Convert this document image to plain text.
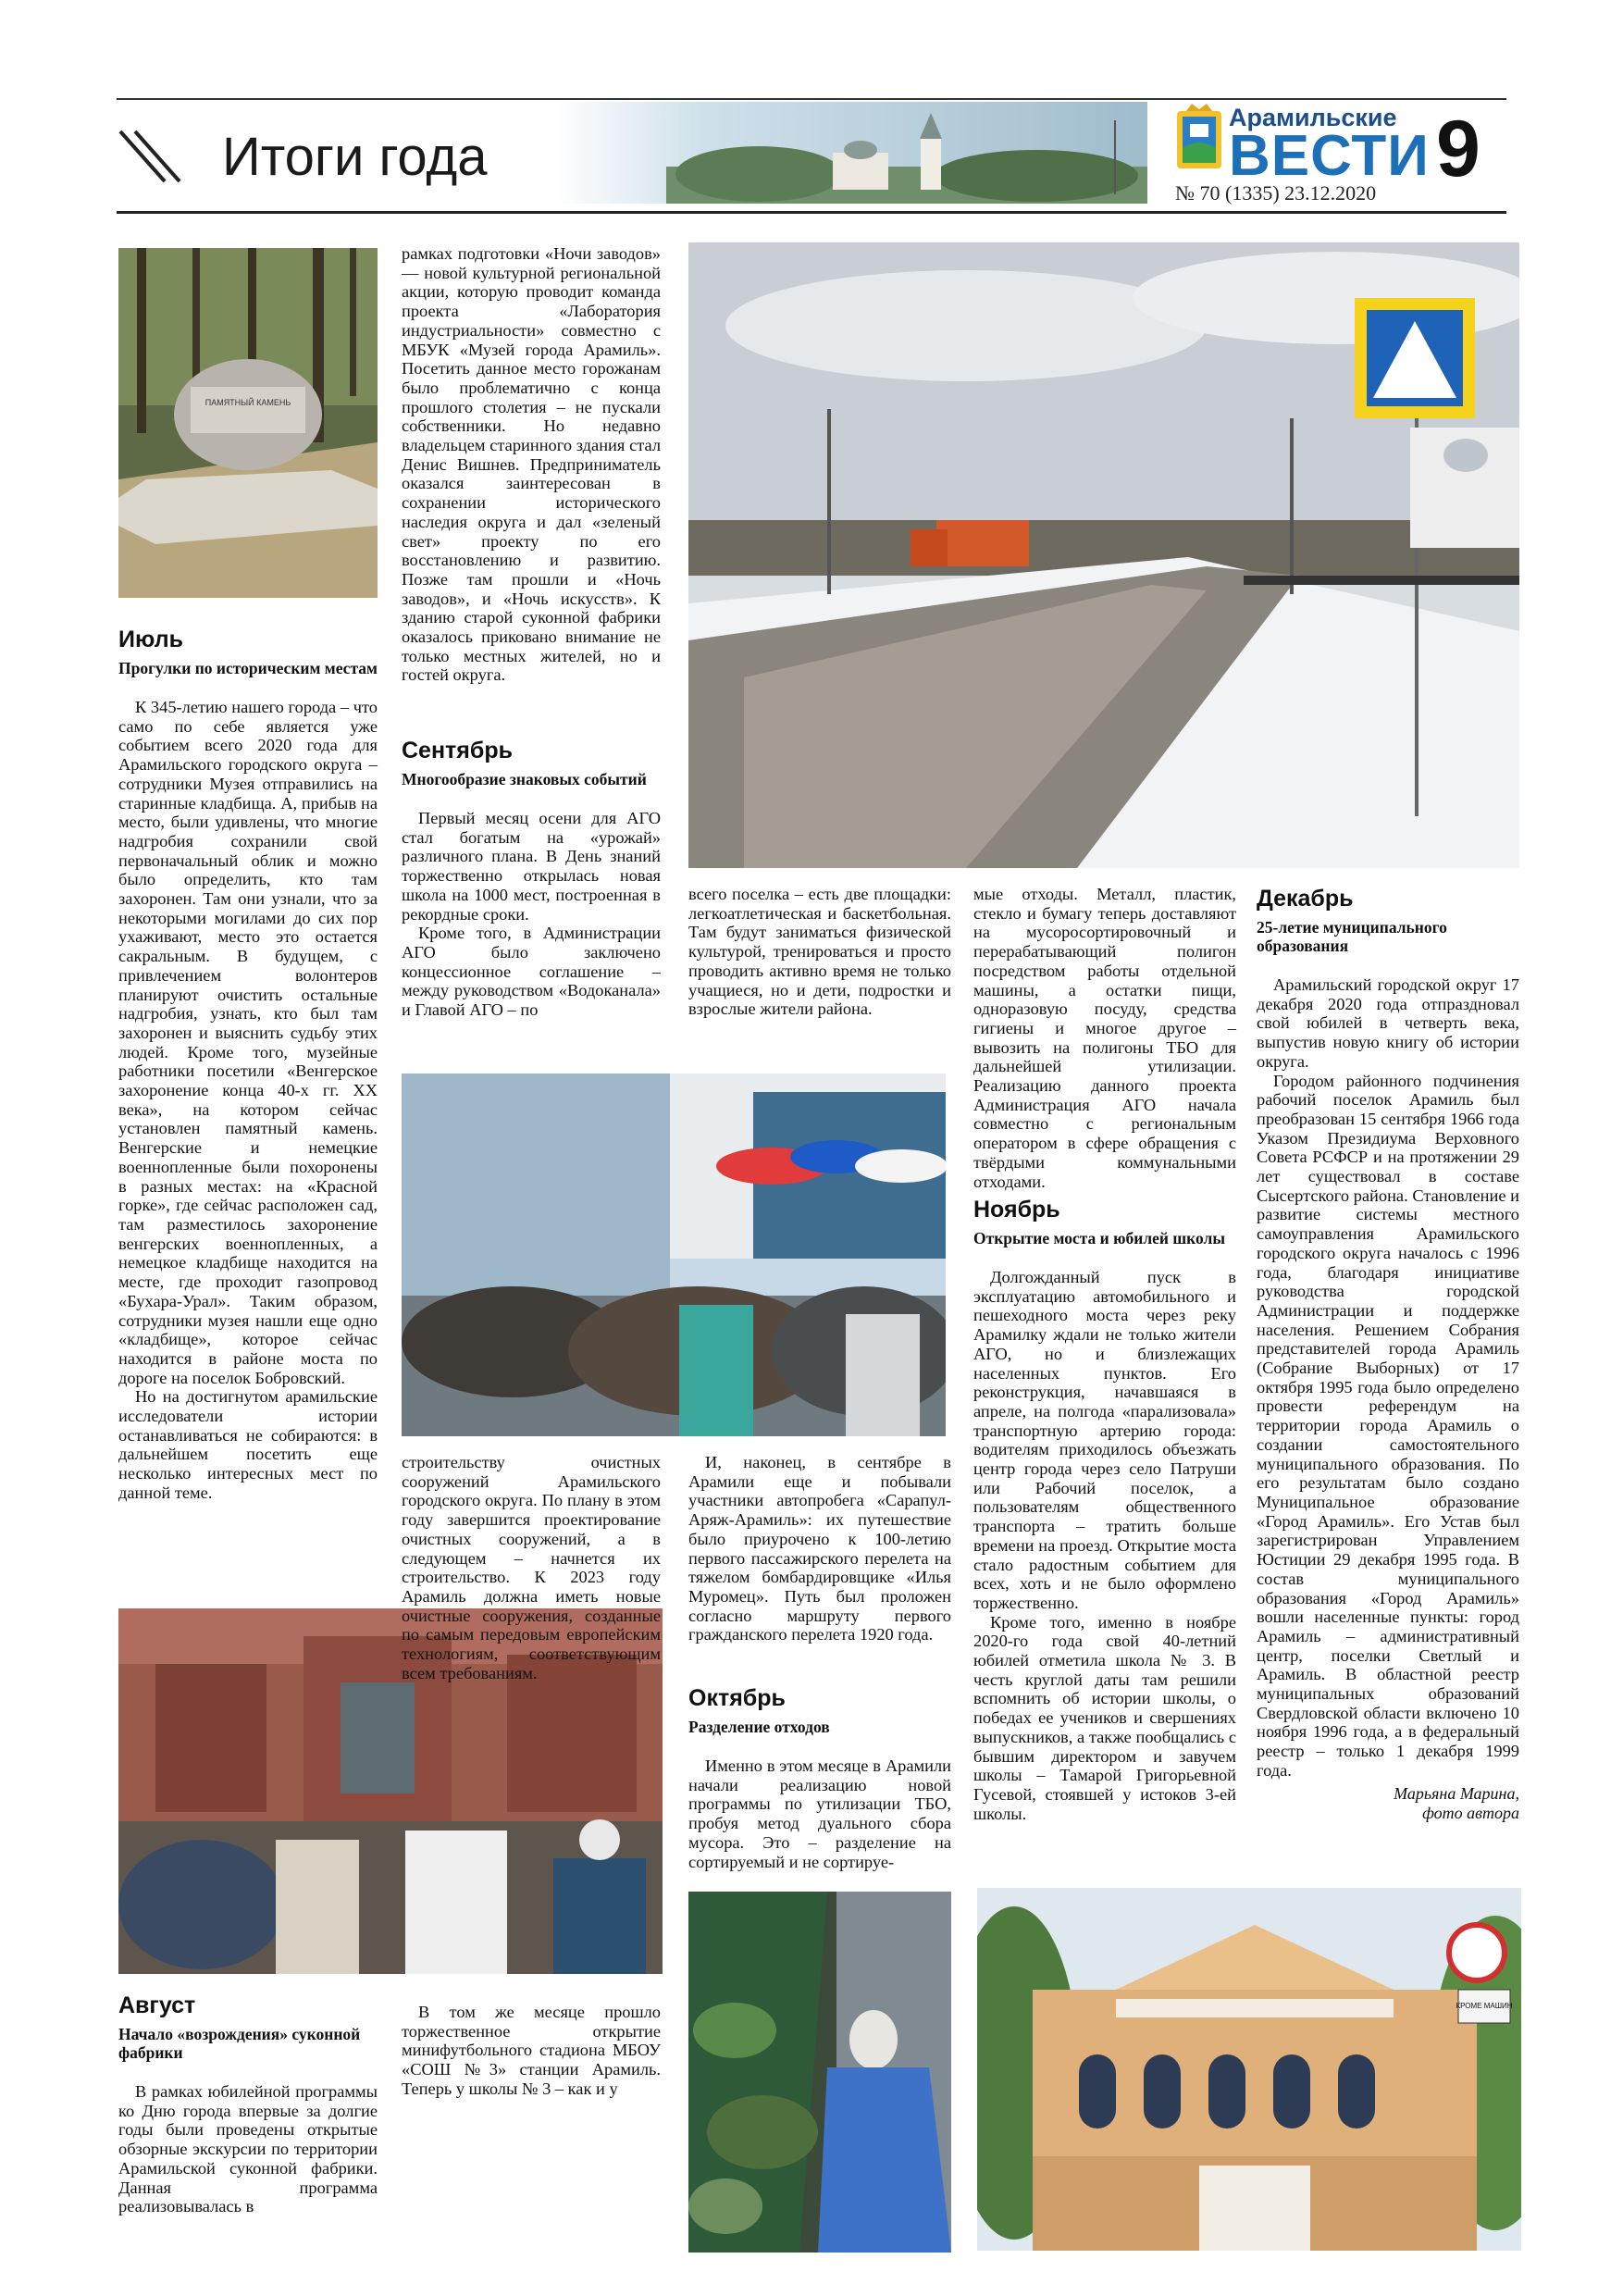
Итоги года
Арамильские
ВЕСТИ
№ 70 (1335) 23.12.2020 9
ПАМЯТНЫЙ КАМЕНЬ
КРОМЕ МАШИН
Июль
Прогулки по историческим местам

К 345-летию нашего города – что само по себе является уже событием всего 2020 года для Арамильского городского округа – сотрудники Музея отправились на старинные кладбища. А, прибыв на место, были удивлены, что многие надгробия сохранили свой первоначальный облик и можно было определить, кто там захоронен. Там они узнали, что за некоторыми могилами до сих пор ухаживают, место это остается сакральным. В будущем, с привлечением волонтеров планируют очистить остальные надгробия, узнать, кто был там захоронен и выяснить судьбу этих людей. Кроме того, музейные работники посетили «Венгерское захоронение конца 40-х гг. XX века», на котором сейчас установлен памятный камень. Венгерские и немецкие военнопленные были похоронены в разных местах: на «Красной горке», где сейчас расположен сад, там разместилось захоронение венгерских военнопленных, а немецкое кладбище находится на месте, где проходит газопровод «Бухара-Урал». Таким образом, сотрудники музея нашли еще одно «кладбище», которое сейчас находится в районе моста по дороге на поселок Бобровский.

Но на достигнутом арамильские исследователи истории останавливаться не собираются: в дальнейшем посетить еще несколько интересных мест по данной теме.

Август
Начало «возрождения» суконной фабрики

В рамках юбилейной программы ко Дню города впервые за долгие годы были проведены открытые обзорные экскурсии по территории Арамильской суконной фабрики. Данная программа реализовывалась в

рамках подготовки «Ночи заводов» — новой культурной региональной акции, которую проводит команда проекта «Лаборатория индустриальности» совместно с МБУК «Музей города Арамиль». Посетить данное место горожанам было проблематично с конца прошлого столетия – не пускали собственники. Но недавно владельцем старинного здания стал Денис Вишнев. Предприниматель оказался заинтересован в сохранении исторического наследия округа и дал «зеленый свет» проекту по его восстановлению и развитию. Позже там прошли и «Ночь заводов», и «Ночь искусств». К зданию старой суконной фабрики оказалось приковано внимание не только местных жителей, но и гостей округа.

Сентябрь
Многообразие знаковых событий

Первый месяц осени для АГО стал богатым на «урожай» различного плана. В День знаний торжественно открылась новая школа на 1000 мест, построенная в рекордные сроки.

Кроме того, в Администрации АГО было заключено концессионное соглашение – между руководством «Водоканала» и Главой АГО – по

строительству очистных сооружений Арамильского городского округа. По плану в этом году завершится проектирование очистных сооружений, а в следующем – начнется их строительство. К 2023 году Арамиль должна иметь новые очистные сооружения, созданные по самым передовым европейским технологиям, соответствующим всем требованиям.

В том же месяце прошло торжественное открытие минифутбольного стадиона МБОУ «СОШ №3» станции Арамиль. Теперь у школы № 3 – как и у

всего поселка – есть две площадки: легкоатлетическая и баскетбольная. Там будут заниматься физической культурой, тренироваться и просто проводить активно время не только учащиеся, но и дети, подростки и взрослые жители района.

И, наконец, в сентябре в Арамили еще и побывали участники автопробега «Сарапул-Аряж-Арамиль»: их путешествие было приурочено к 100-летию первого пассажирского перелета на тяжелом бомбардировщике «Илья Муромец». Путь был проложен согласно маршруту первого гражданского перелета 1920 года.

Октябрь
Разделение отходов

Именно в этом месяце в Арамили начали реализацию новой программы по утилизации ТБО, пробуя метод дуального сбора мусора. Это – разделение на сортируемый и не сортируе-

мые отходы. Металл, пластик, стекло и бумагу теперь доставляют на мусоросортировочный и перерабатывающий полигон посредством работы отдельной машины, а остатки пищи, одноразовую посуду, средства гигиены и многое другое – вывозить на полигоны ТБО для дальнейшей утилизации. Реализацию данного проекта Администрация АГО начала совместно с региональным оператором в сфере обращения с твёрдыми коммунальными отходами.

Ноябрь
Открытие моста и юбилей школы

Долгожданный пуск в эксплуатацию автомобильного и пешеходного моста через реку Арамилку ждали не только жители АГО, но и близлежащих населенных пунктов. Его реконструкция, начавшаяся в апреле, на полгода «парализовала» транспортную артерию города: водителям приходилось объезжать центр города через село Патруши или Рабочий поселок, а пользователям общественного транспорта – тратить больше времени на проезд. Открытие моста стало радостным событием для всех, хоть и не было оформлено торжественно.

Кроме того, именно в ноябре 2020-го года свой 40-летний юбилей отметила школа № 3. В честь круглой даты там решили вспомнить об истории школы, о победах ее учеников и свершениях выпускников, а также пообщались с бывшим директором и завучем школы – Тамарой Григорьевной Гусевой, стоявшей у истоков 3-ей школы.

Декабрь
25-летие муниципального образования

Арамильский городской округ 17 декабря 2020 года отпраздновал свой юбилей в четверть века, выпустив новую книгу об истории округа.

Городом районного подчинения рабочий поселок Арамиль был преобразован 15 сентября 1966 года Указом Президиума Верховного Совета РСФСР и на протяжении 29 лет существовал в составе Сысертского района. Становление и развитие системы местного самоуправления Арамильского городского округа началось с 1996 года, благодаря инициативе руководства городской Администрации и поддержке населения. Решением Собрания представителей города Арамиль (Собрание Выборных) от 17 октября 1995 года было определено провести референдум на территории города Арамиль о создании самостоятельного муниципального образования. По его результатам было создано Муниципальное образование «Город Арамиль». Его Устав был зарегистрирован Управлением Юстиции 29 декабря 1995 года. В состав муниципального образования «Город Арамиль» вошли населенные пункты: город Арамиль – административный центр, поселки Светлый и Арамиль. В областной реестр муниципальных образований Свердловской области включено 10 ноября 1996 года, а в федеральный реестр – только 1 декабря 1999 года.

Марьяна Марина,
фото автора
